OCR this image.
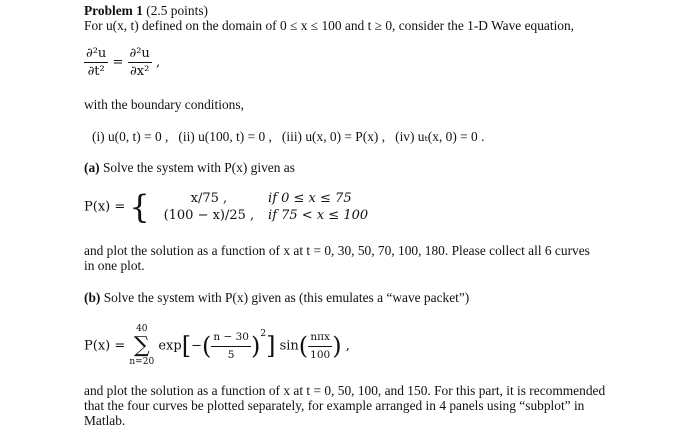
Problem 1 (2.5 points)
For u(x, t) defined on the domain of 0 ≤ x ≤ 100 and t ≥ 0, consider the 1-D Wave equation,
$\frac{\text{∂²u}}{\text{∂t²}} = \frac{\text{∂²u}}{\text{∂x²}}$ ,
with the boundary conditions,
(i) u(0, t) = 0 , (ii) u(100, t) = 0 , (iii) u(x, 0) = P(x) , (iv) uₜ(x, 0) = 0 .
(a) Solve the system with P(x) given as
P(x) = {	x/75 ,	if 0 ≤ x ≤ 75
(100 − x)/25 , if 75 < x ≤ 100
and plot the solution as a function of x at t = 0, 30, 50, 70, 100, 180. Please collect all 6 curves
in one plot.
(b) Solve the system with P(x) given as (this emulates a “wave packet”)
P(x) =
40
∑
n=20
$\exp[-( \frac{n - 30}{5} )^2]$ $\sin( \frac{\text{nπx}}{100}$ ) ,
and plot the solution as a function of x at t = 0, 50, 100, and 150. For this part, it is recommended
that the four curves be plotted separately, for example arranged in 4 panels using “subplot” in
Matlab.
